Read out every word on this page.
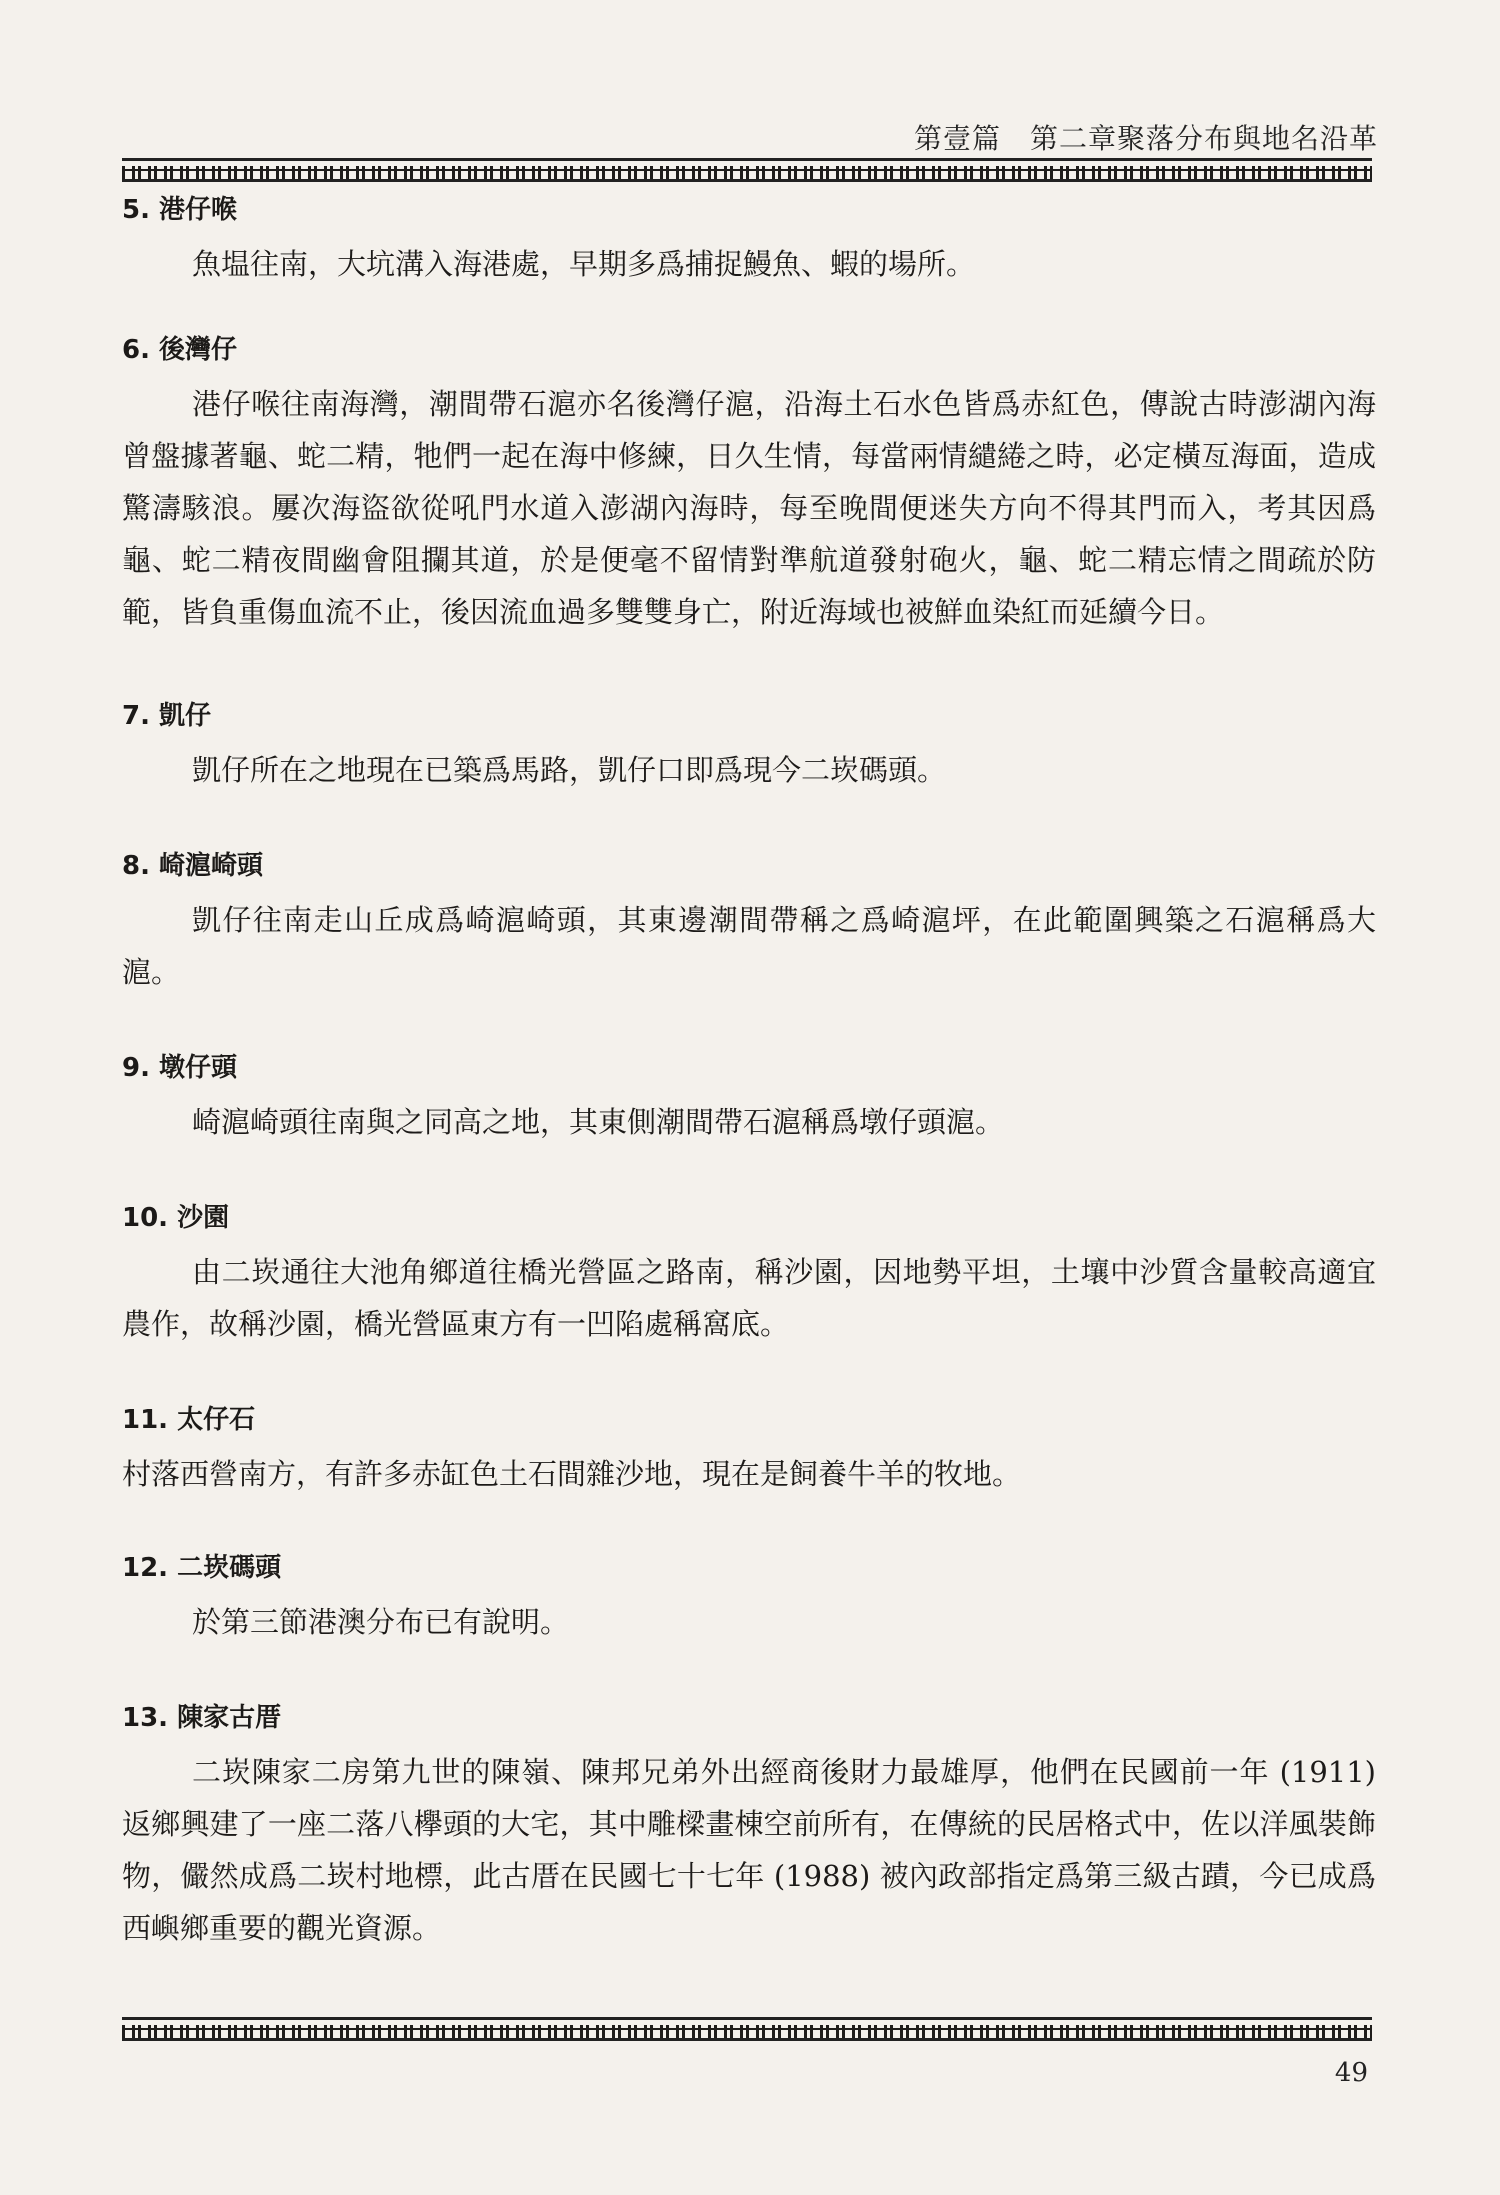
第壹篇　第二章聚落分布與地名沿革
5. 港仔喉

魚塭往南，大坑溝入海港處，早期多爲捕捉鰻魚、蝦的場所。

6. 後灣仔

港仔喉往南海灣，潮間帶石滬亦名後灣仔滬，沿海土石水色皆爲赤紅色，傳說古時澎湖內海曾盤據著龜、蛇二精，牠們一起在海中修練，日久生情，每當兩情繾綣之時，必定橫亙海面，造成驚濤駭浪。屢次海盜欲從吼門水道入澎湖內海時，每至晚間便迷失方向不得其門而入，考其因爲龜、蛇二精夜間幽會阻攔其道，於是便毫不留情對準航道發射砲火，龜、蛇二精忘情之間疏於防範，皆負重傷血流不止，後因流血過多雙雙身亡，附近海域也被鮮血染紅而延續今日。

7. 凱仔

凱仔所在之地現在已築爲馬路，凱仔口即爲現今二崁碼頭。

8. 崎滬崎頭

凱仔往南走山丘成爲崎滬崎頭，其東邊潮間帶稱之爲崎滬坪，在此範圍興築之石滬稱爲大滬。

9. 墩仔頭

崎滬崎頭往南與之同高之地，其東側潮間帶石滬稱爲墩仔頭滬。

10. 沙園

由二崁通往大池角鄉道往橋光營區之路南，稱沙園，因地勢平坦，土壤中沙質含量較高適宜農作，故稱沙園，橋光營區東方有一凹陷處稱窩底。

11. 太仔石

村落西營南方，有許多赤缸色土石間雜沙地，現在是飼養牛羊的牧地。

12. 二崁碼頭

於第三節港澳分布已有說明。

13. 陳家古厝

二崁陳家二房第九世的陳嶺、陳邦兄弟外出經商後財力最雄厚，他們在民國前一年 (1911) 返鄉興建了一座二落八欅頭的大宅，其中雕樑畫棟空前所有，在傳統的民居格式中，佐以洋風裝飾物，儼然成爲二崁村地標，此古厝在民國七十七年 (1988) 被內政部指定爲第三級古蹟，今已成爲西嶼鄉重要的觀光資源。

49
